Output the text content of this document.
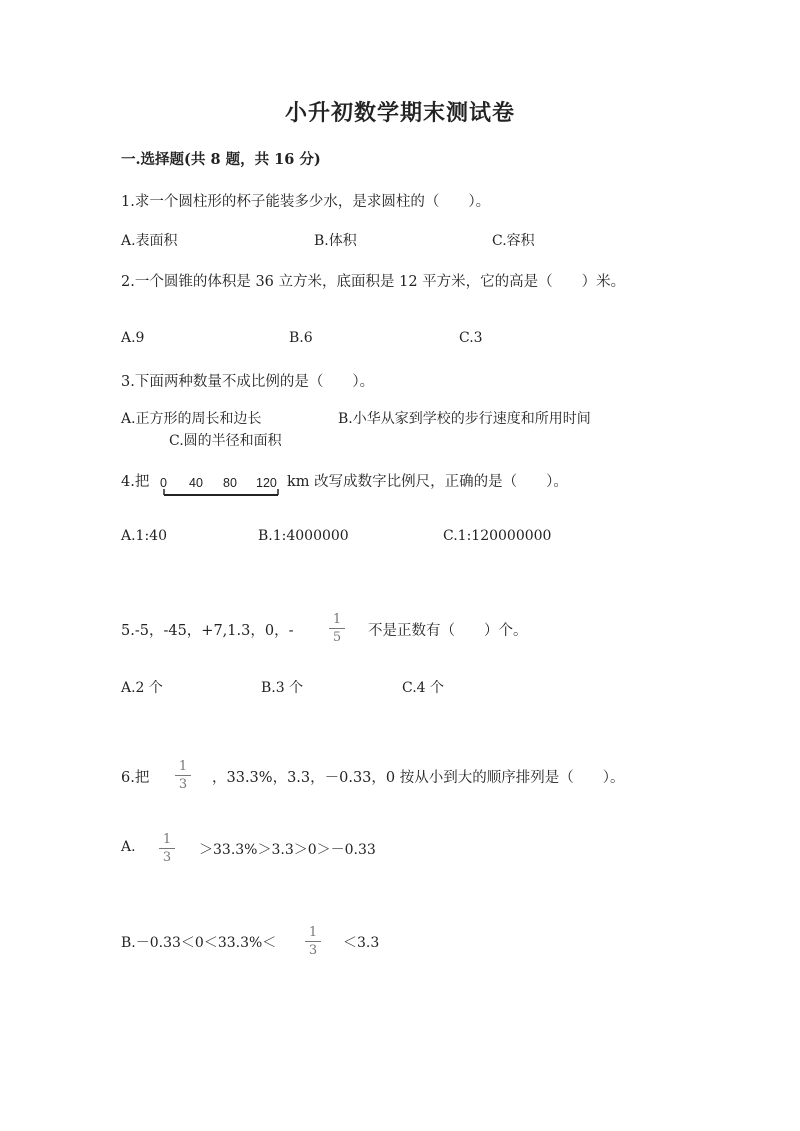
小升初数学期末测试卷
一.选择题(共 8 题，共 16 分)
1.求一个圆柱形的杯子能装多少水，是求圆柱的（　　）。
A.表面积	B.体积	C.容积
2.一个圆锥的体积是 36 立方米，底面积是 12 平方米，它的高是（　　）米。
A.9	B.6	C.3
3.下面两种数量不成比例的是（　　）。
A.正方形的周长和边长	B.小华从家到学校的步行速度和所用时间
C.圆的半径和面积
4.把 0 40 80 120 km 改写成数字比例尺，正确的是（　　）。
A.1:40	B.1:4000000	C.1:120000000
5.-5，-45，+7,1.3，0，-
1
5 不是正数有（　　）个。
A.2 个	B.3 个	C.4 个
6.把
1
3 ，33.3%，3.3，－0.33，0 按从小到大的顺序排列是（　　）。
A. 1
3 ＞33.3%＞3.3＞0＞－0.33
B.－0.33＜0＜33.3%＜
1
3 ＜3.3
